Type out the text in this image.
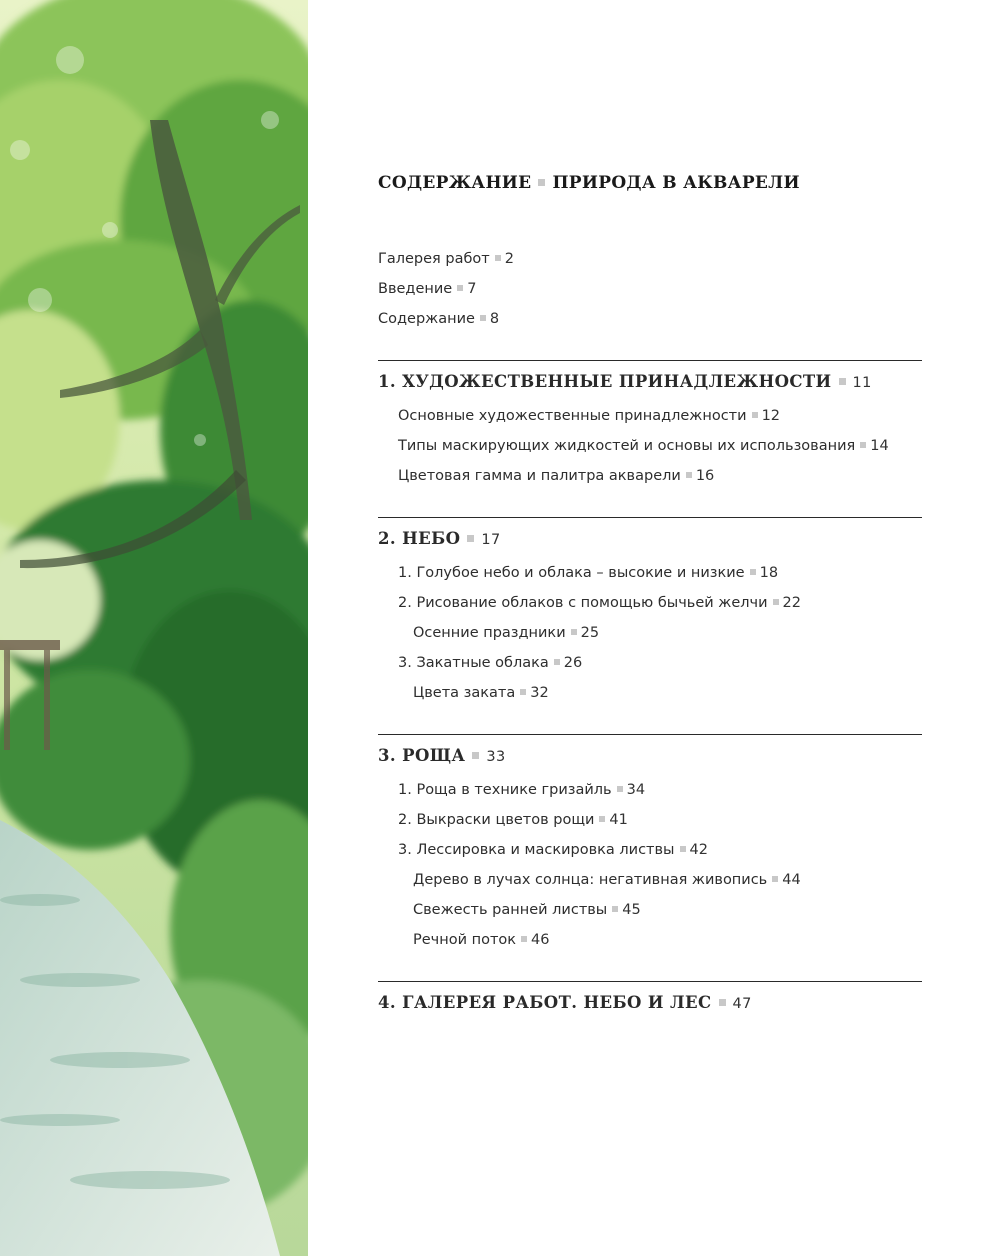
СОДЕРЖАНИЕ ПРИРОДА В АКВАРЕЛИ
Галерея работ 2
Введение 7
Содержание 8
1. ХУДОЖЕСТВЕННЫЕ ПРИНАДЛЕЖНОСТИ 11
Основные художественные принадлежности 12
Типы маскирующих жидкостей и основы их использования 14
Цветовая гамма и палитра акварели 16
2. НЕБО 17
1. Голубое небо и облака – высокие и низкие 18
2. Рисование облаков с помощью бычьей желчи 22
Осенние праздники 25
3. Закатные облака 26
Цвета заката 32
3. РОЩА 33
1. Роща в технике гризайль 34
2. Выкраски цветов рощи 41
3. Лессировка и маскировка листвы 42
Дерево в лучах солнца: негативная живопись 44
Свежесть ранней листвы 45
Речной поток 46
4. ГАЛЕРЕЯ РАБОТ. НЕБО И ЛЕС 47
